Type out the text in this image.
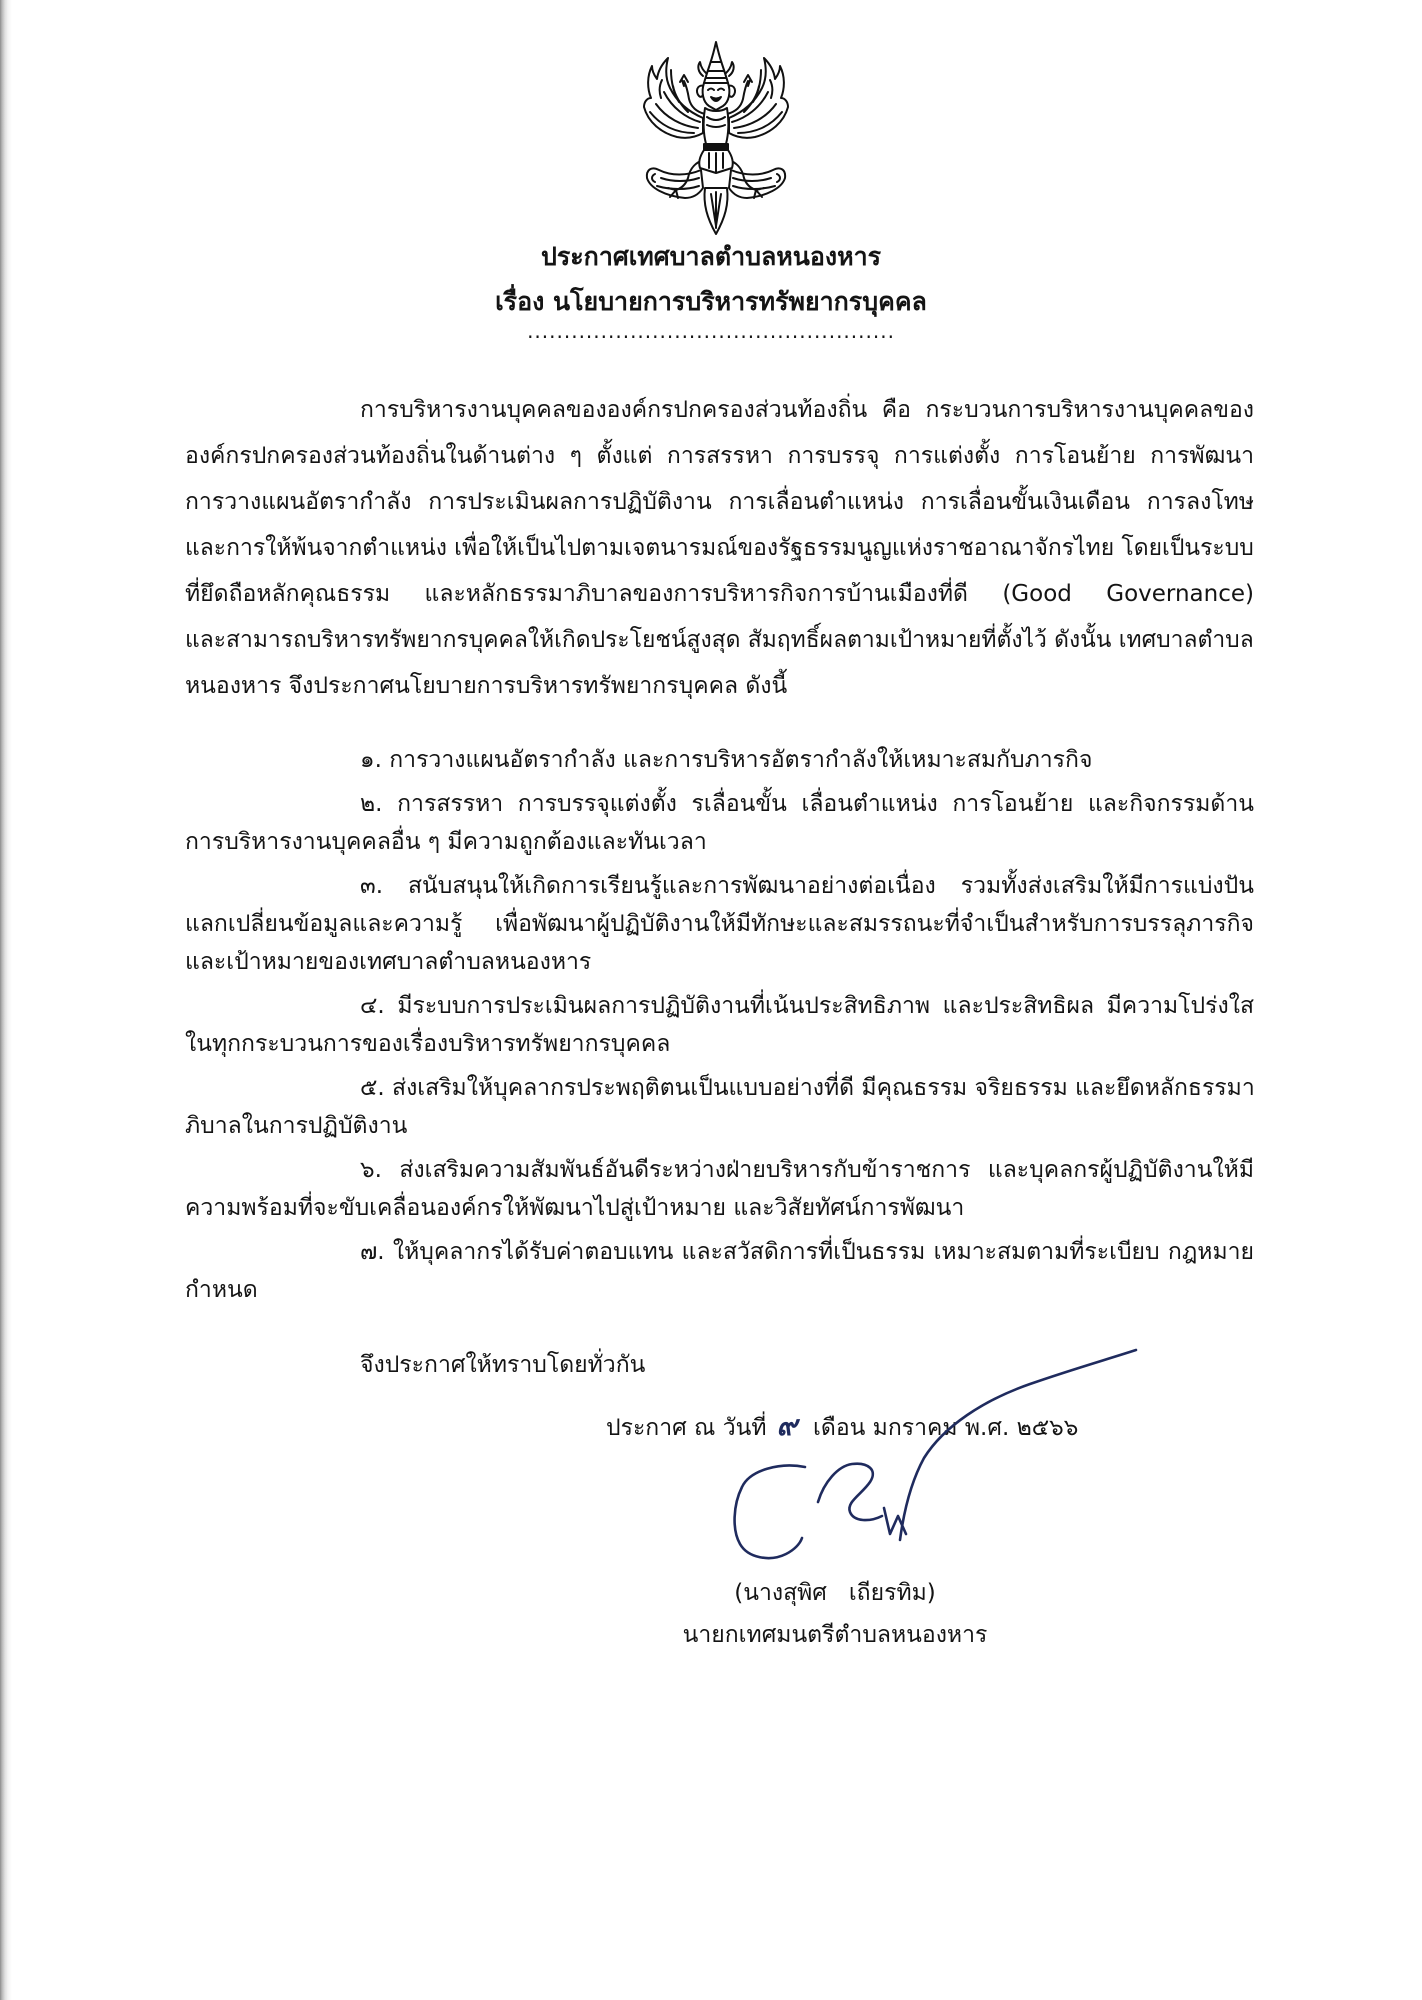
ประกาศเทศบาลตำบลหนองหาร
เรื่อง นโยบายการบริหารทรัพยากรบุคคล
..................................................
การบริหารงานบุคคลขององค์กรปกครองส่วนท้องถิ่น คือ กระบวนการบริหารงานบุคคลของ
องค์กรปกครองส่วนท้องถิ่นในด้านต่าง ๆ ตั้งแต่ การสรรหา การบรรจุ การแต่งตั้ง การโอนย้าย การพัฒนา
การวางแผนอัตรากำลัง การประเมินผลการปฏิบัติงาน การเลื่อนตำแหน่ง การเลื่อนขั้นเงินเดือน การลงโทษ
และการให้พ้นจากตำแหน่ง เพื่อให้เป็นไปตามเจตนารมณ์ของรัฐธรรมนูญแห่งราชอาณาจักรไทย โดยเป็นระบบ
ที่ยึดถือหลักคุณธรรม และหลักธรรมาภิบาลของการบริหารกิจการบ้านเมืองที่ดี (Good Governance)
และสามารถบริหารทรัพยากรบุคคลให้เกิดประโยชน์สูงสุด สัมฤทธิ์ผลตามเป้าหมายที่ตั้งไว้ ดังนั้น เทศบาลตำบล
หนองหาร จึงประกาศนโยบายการบริหารทรัพยากรบุคคล ดังนี้
๑. การวางแผนอัตรากำลัง และการบริหารอัตรากำลังให้เหมาะสมกับภารกิจ
๒. การสรรหา การบรรจุแต่งตั้ง รเลื่อนขั้น เลื่อนตำแหน่ง การโอนย้าย และกิจกรรมด้าน
การบริหารงานบุคคลอื่น ๆ มีความถูกต้องและทันเวลา
๓. สนับสนุนให้เกิดการเรียนรู้และการพัฒนาอย่างต่อเนื่อง รวมทั้งส่งเสริมให้มีการแบ่งปัน
แลกเปลี่ยนข้อมูลและความรู้ เพื่อพัฒนาผู้ปฏิบัติงานให้มีทักษะและสมรรถนะที่จำเป็นสำหรับการบรรลุภารกิจ
และเป้าหมายของเทศบาลตำบลหนองหาร
๔. มีระบบการประเมินผลการปฏิบัติงานที่เน้นประสิทธิภาพ และประสิทธิผล มีความโปร่งใส
ในทุกกระบวนการของเรื่องบริหารทรัพยากรบุคคล
๕. ส่งเสริมให้บุคลากรประพฤติตนเป็นแบบอย่างที่ดี มีคุณธรรม จริยธรรม และยึดหลักธรรมา
ภิบาลในการปฏิบัติงาน
๖. ส่งเสริมความสัมพันธ์อันดีระหว่างฝ่ายบริหารกับข้าราชการ และบุคลกรผู้ปฏิบัติงานให้มี
ความพร้อมที่จะขับเคลื่อนองค์กรให้พัฒนาไปสู่เป้าหมาย และวิสัยทัศน์การพัฒนา
๗. ให้บุคลากรได้รับค่าตอบแทน และสวัสดิการที่เป็นธรรม เหมาะสมตามที่ระเบียบ กฎหมาย
กำหนด
จึงประกาศให้ทราบโดยทั่วกัน
ประกาศ ณ วันที่ ๙ เดือน มกราคม พ.ศ. ๒๕๖๖
(นางสุพิศ   เถียรทิม)
นายกเทศมนตรีตำบลหนองหาร
